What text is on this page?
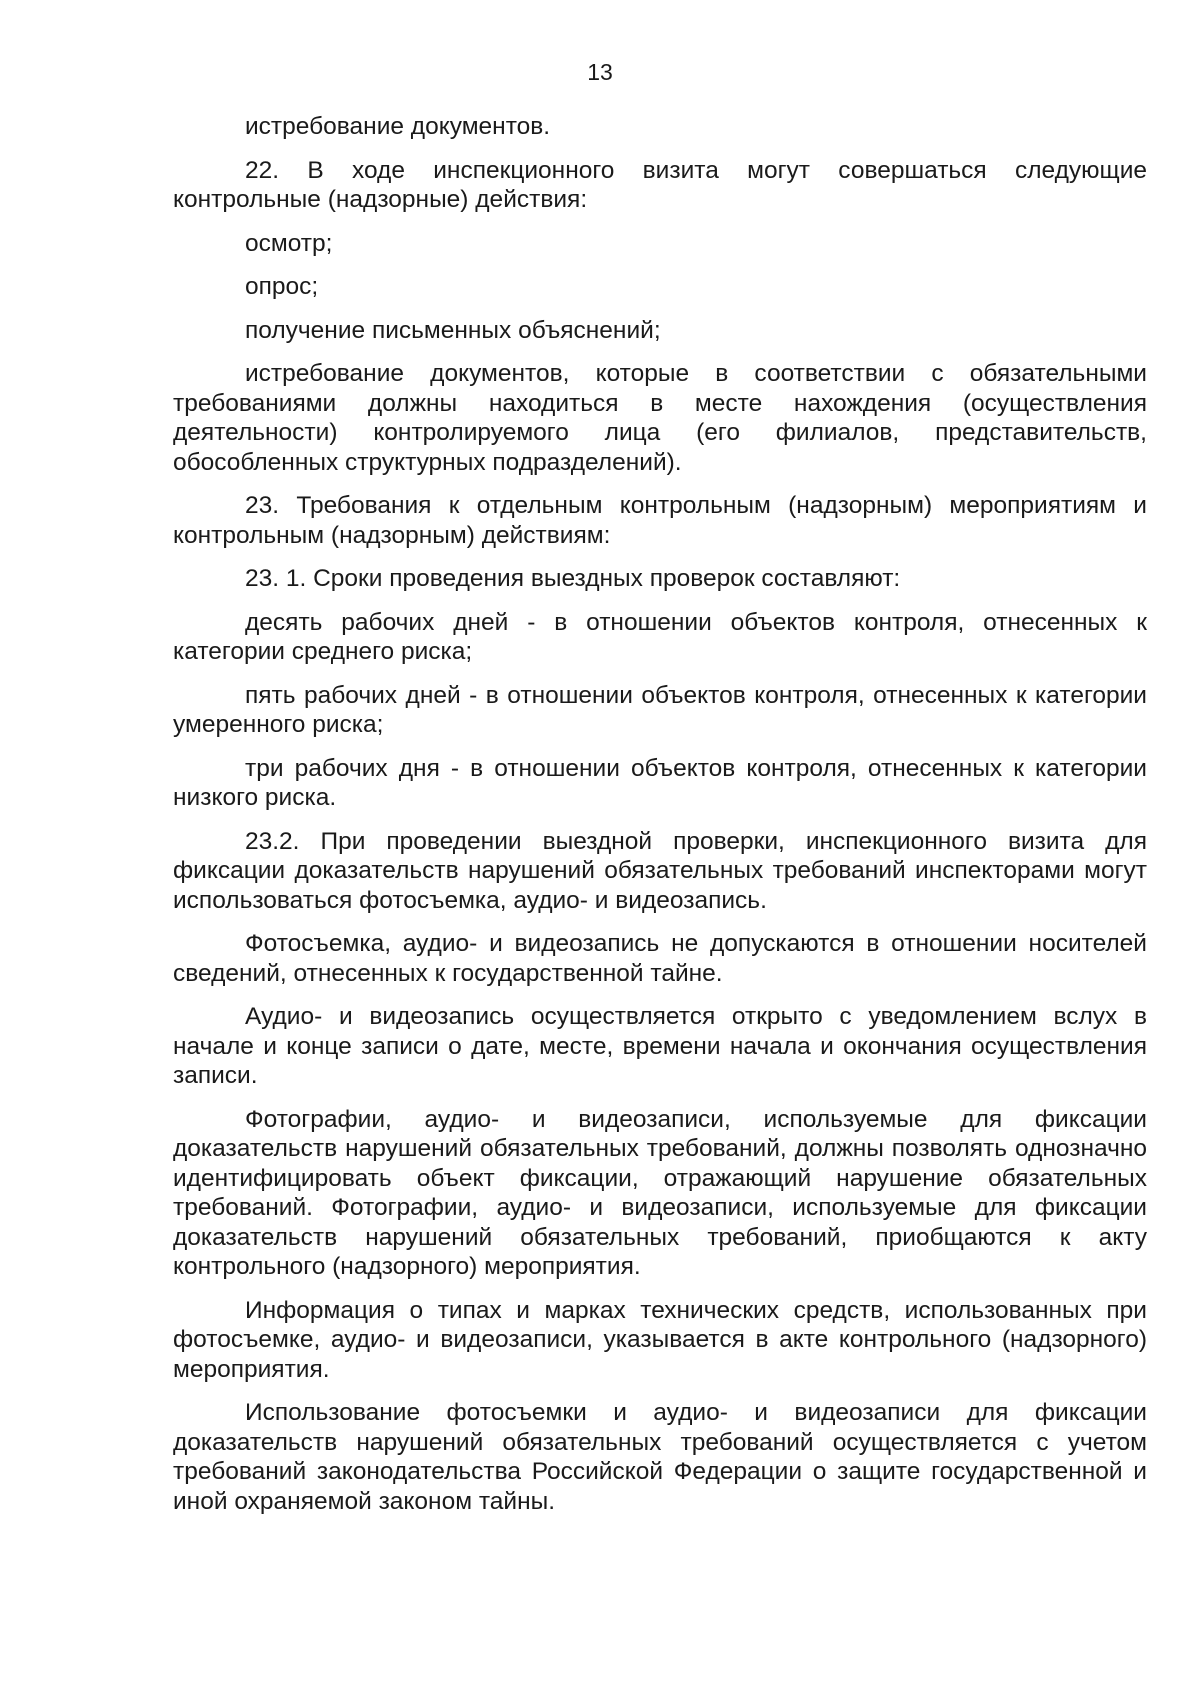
13

истребование документов.

22. В ходе инспекционного визита могут совершаться следующие контрольные (надзорные) действия:

осмотр;

опрос;

получение письменных объяснений;

истребование документов, которые в соответствии с обязательными требованиями должны находиться в месте нахождения (осуществления деятельности) контролируемого лица (его филиалов, представительств, обособленных структурных подразделений).

23. Требования к отдельным контрольным (надзорным) мероприятиям и контрольным (надзорным) действиям:

23. 1. Сроки проведения выездных проверок составляют:

десять рабочих дней - в отношении объектов контроля, отнесенных к категории среднего риска;

пять рабочих дней - в отношении объектов контроля, отнесенных к категории умеренного риска;

три рабочих дня - в отношении объектов контроля, отнесенных к категории низкого риска.

23.2. При проведении выездной проверки, инспекционного визита для фиксации доказательств нарушений обязательных требований инспекторами могут использоваться фотосъемка, аудио- и видеозапись.

Фотосъемка, аудио- и видеозапись не допускаются в отношении носителей сведений, отнесенных к государственной тайне.

Аудио- и видеозапись осуществляется открыто с уведомлением вслух в начале и конце записи о дате, месте, времени начала и окончания осуществления записи.

Фотографии, аудио- и видеозаписи, используемые для фиксации доказательств нарушений обязательных требований, должны позволять однозначно идентифицировать объект фиксации, отражающий нарушение обязательных требований. Фотографии, аудио- и видеозаписи, используемые для фиксации доказательств нарушений обязательных требований, приобщаются к акту контрольного (надзорного) мероприятия.

Информация о типах и марках технических средств, использованных при фотосъемке, аудио- и видеозаписи, указывается в акте контрольного (надзорного) мероприятия.

Использование фотосъемки и аудио- и видеозаписи для фиксации доказательств нарушений обязательных требований осуществляется с учетом требований законодательства Российской Федерации о защите государственной и иной охраняемой законом тайны.
